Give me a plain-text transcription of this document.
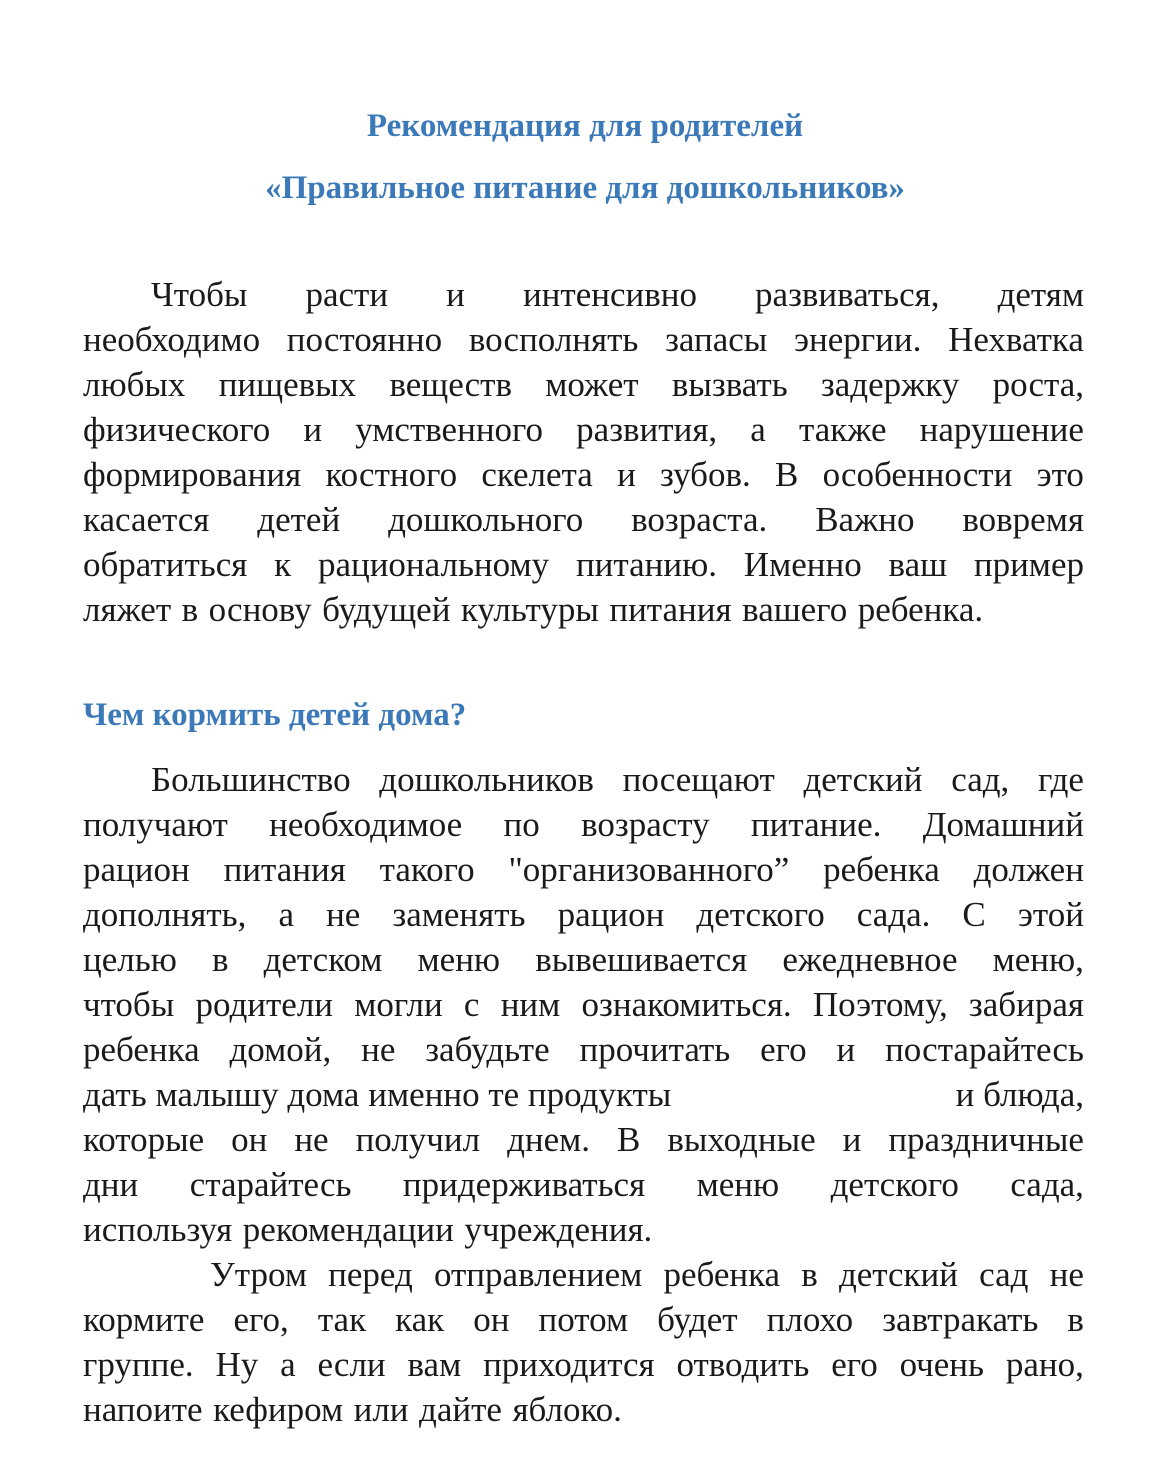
Рекомендация для родителей
«Правильное питание для дошкольников»
Чтобы расти и интенсивно развиваться, детям
необходимо постоянно восполнять запасы энергии. Нехватка
любых пищевых веществ может вызвать задержку роста,
физического и умственного развития, а также нарушение
формирования костного скелета и зубов. В особенности это
касается детей дошкольного возраста. Важно вовремя
обратиться к рациональному питанию. Именно ваш пример
ляжет в основу будущей культуры питания вашего ребенка.
Чем кормить детей дома?
Большинство дошкольников посещают детский сад, где
получают необходимое по возрасту питание. Домашний
рацион питания такого "организованного” ребенка должен
дополнять, а не заменять рацион детского сада. С этой
целью в детском меню вывешивается ежедневное меню,
чтобы родители могли с ним ознакомиться. Поэтому, забирая
ребенка домой, не забудьте прочитать его и постарайтесь
дать малышу дома именно те продукты	и блюда,
которые он не получил днем. В выходные и праздничные
дни старайтесь придерживаться меню детского сада,
используя рекомендации учреждения.
Утром перед отправлением ребенка в детский сад не
кормите его, так как он потом будет плохо завтракать в
группе. Ну а если вам приходится отводить его очень рано,
напоите кефиром или дайте яблоко.
